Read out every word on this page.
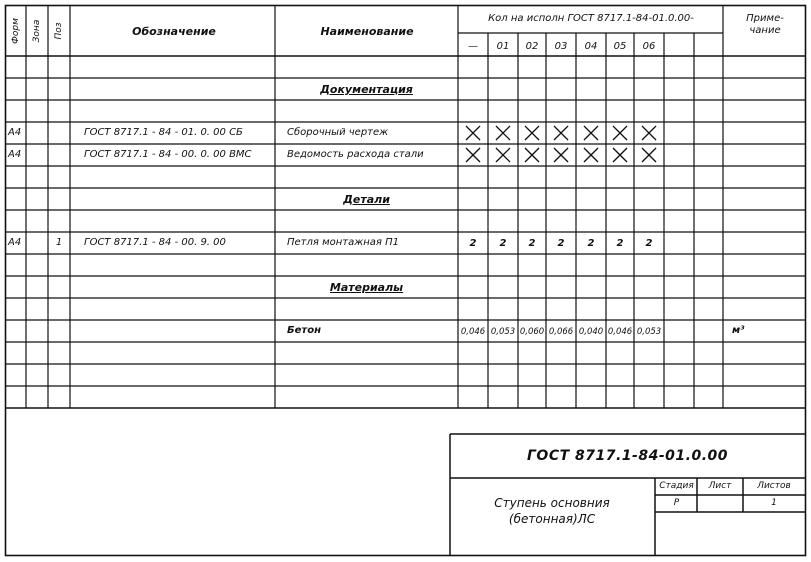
Форм Зона Поз	Обозначение	Наименование
Кол на исполн ГОСТ 8717.1-84-01.0.00-	Приме-
чание
—	01	02	03	04	05	06
Документация
Детали
Материалы
A4	ГОСТ 8717.1 - 84 - 01. 0. 00 СБ	Сборочный чертеж
A4	ГОСТ 8717.1 - 84 - 00. 0. 00 ВМС	Ведомость расхода стали
A4	1	ГОСТ 8717.1 - 84 - 00. 9. 00	Петля монтажная П1	2	2	2	2	2	2	2
Бетон	0,046 0,053 0,060 0,066 0,040 0,046 0,053	м³
ГОСТ 8717.1-84-01.0.00
Ступень основния
(бетонная)ЛС
Стадия	Лист	Листов
Р	1
